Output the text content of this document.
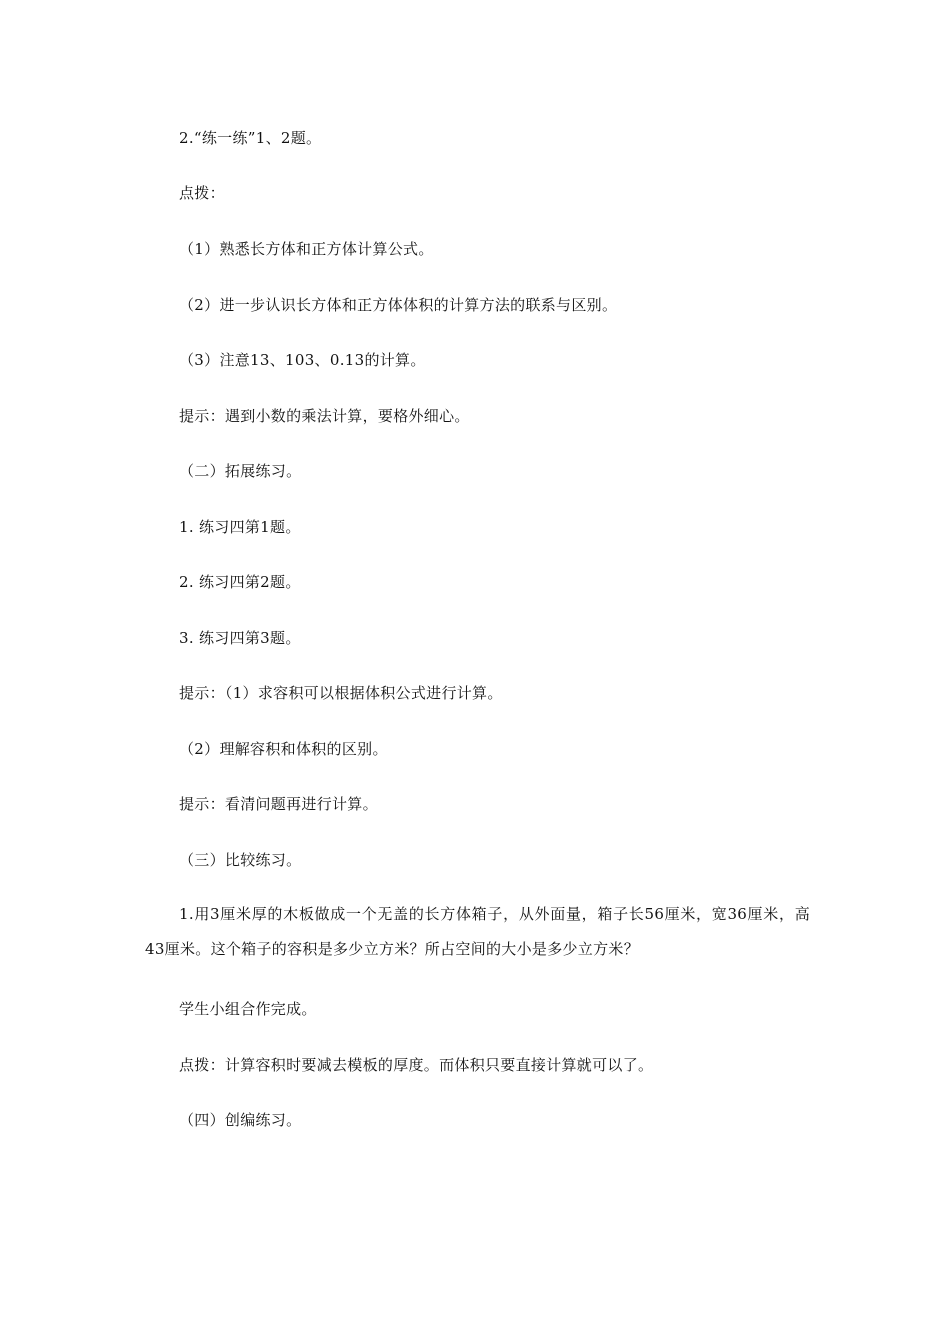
2.“练一练”1、2题。
点拨：
（1）熟悉长方体和正方体计算公式。
（2）进一步认识长方体和正方体体积的计算方法的联系与区别。
（3）注意13、103、0.13的计算。
提示：遇到小数的乘法计算，要格外细心。
（二）拓展练习。
1. 练习四第1题。
2. 练习四第2题。
3. 练习四第3题。
提示：（1）求容积可以根据体积公式进行计算。
（2）理解容积和体积的区别。
提示：看清问题再进行计算。
（三）比较练习。
1.用3厘米厚的木板做成一个无盖的长方体箱子，从外面量，箱子长56厘米，宽36厘米，高43厘米。这个箱子的容积是多少立方米？所占空间的大小是多少立方米？
学生小组合作完成。
点拨：计算容积时要减去模板的厚度。而体积只要直接计算就可以了。
（四）创编练习。
